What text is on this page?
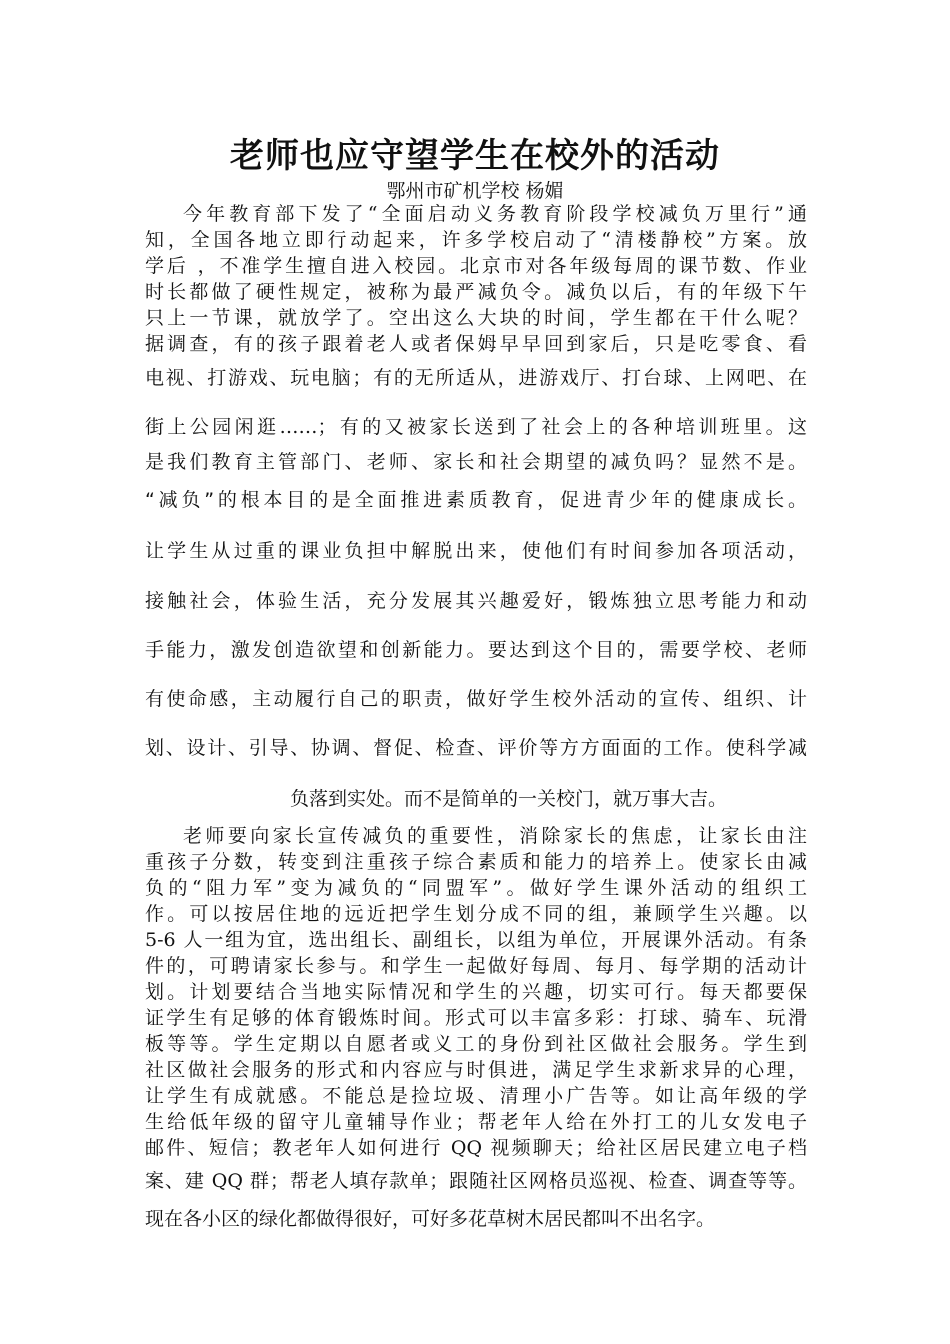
老师也应守望学生在校外的活动
鄂州市矿机学校 杨媚
今年教育部下发了“全面启动义务教育阶段学校减负万里行”通
知，全国各地立即行动起来，许多学校启动了“清楼静校”方案。放
学后 ，不准学生擅自进入校园。北京市对各年级每周的课节数、作业
时长都做了硬性规定，被称为最严减负令。减负以后，有的年级下午
只上一节课，就放学了。空出这么大块的时间，学生都在干什么呢？
据调查，有的孩子跟着老人或者保姆早早回到家后，只是吃零食、看
电视、打游戏、玩电脑；有的无所适从，进游戏厅、打台球、上网吧、在
街上公园闲逛……；有的又被家长送到了社会上的各种培训班里。这
是我们教育主管部门、老师、家长和社会期望的减负吗？显然不是。
“减负”的根本目的是全面推进素质教育，促进青少年的健康成长。
让学生从过重的课业负担中解脱出来，使他们有时间参加各项活动，
接触社会，体验生活，充分发展其兴趣爱好，锻炼独立思考能力和动
手能力，激发创造欲望和创新能力。要达到这个目的，需要学校、老师
有使命感，主动履行自己的职责，做好学生校外活动的宣传、组织、计
划、设计、引导、协调、督促、检查、评价等方方面面的工作。使科学减
负落到实处。而不是简单的一关校门，就万事大吉。
老师要向家长宣传减负的重要性，消除家长的焦虑，让家长由注
重孩子分数，转变到注重孩子综合素质和能力的培养上。使家长由减
负的“阻力军”变为减负的“同盟军”。做好学生课外活动的组织工
作。可以按居住地的远近把学生划分成不同的组，兼顾学生兴趣。以
5-6 人一组为宜，选出组长、副组长，以组为单位，开展课外活动。有条
件的，可聘请家长参与。和学生一起做好每周、每月、每学期的活动计
划。计划要结合当地实际情况和学生的兴趣，切实可行。每天都要保
证学生有足够的体育锻炼时间。形式可以丰富多彩：打球、骑车、玩滑
板等等。学生定期以自愿者或义工的身份到社区做社会服务。学生到
社区做社会服务的形式和内容应与时俱进，满足学生求新求异的心理，
让学生有成就感。不能总是捡垃圾、清理小广告等。如让高年级的学
生给低年级的留守儿童辅导作业；帮老年人给在外打工的儿女发电子
邮件、短信；教老年人如何进行 QQ 视频聊天；给社区居民建立电子档
案、建 QQ 群；帮老人填存款单；跟随社区网格员巡视、检查、调查等等。
现在各小区的绿化都做得很好，可好多花草树木居民都叫不出名字。
